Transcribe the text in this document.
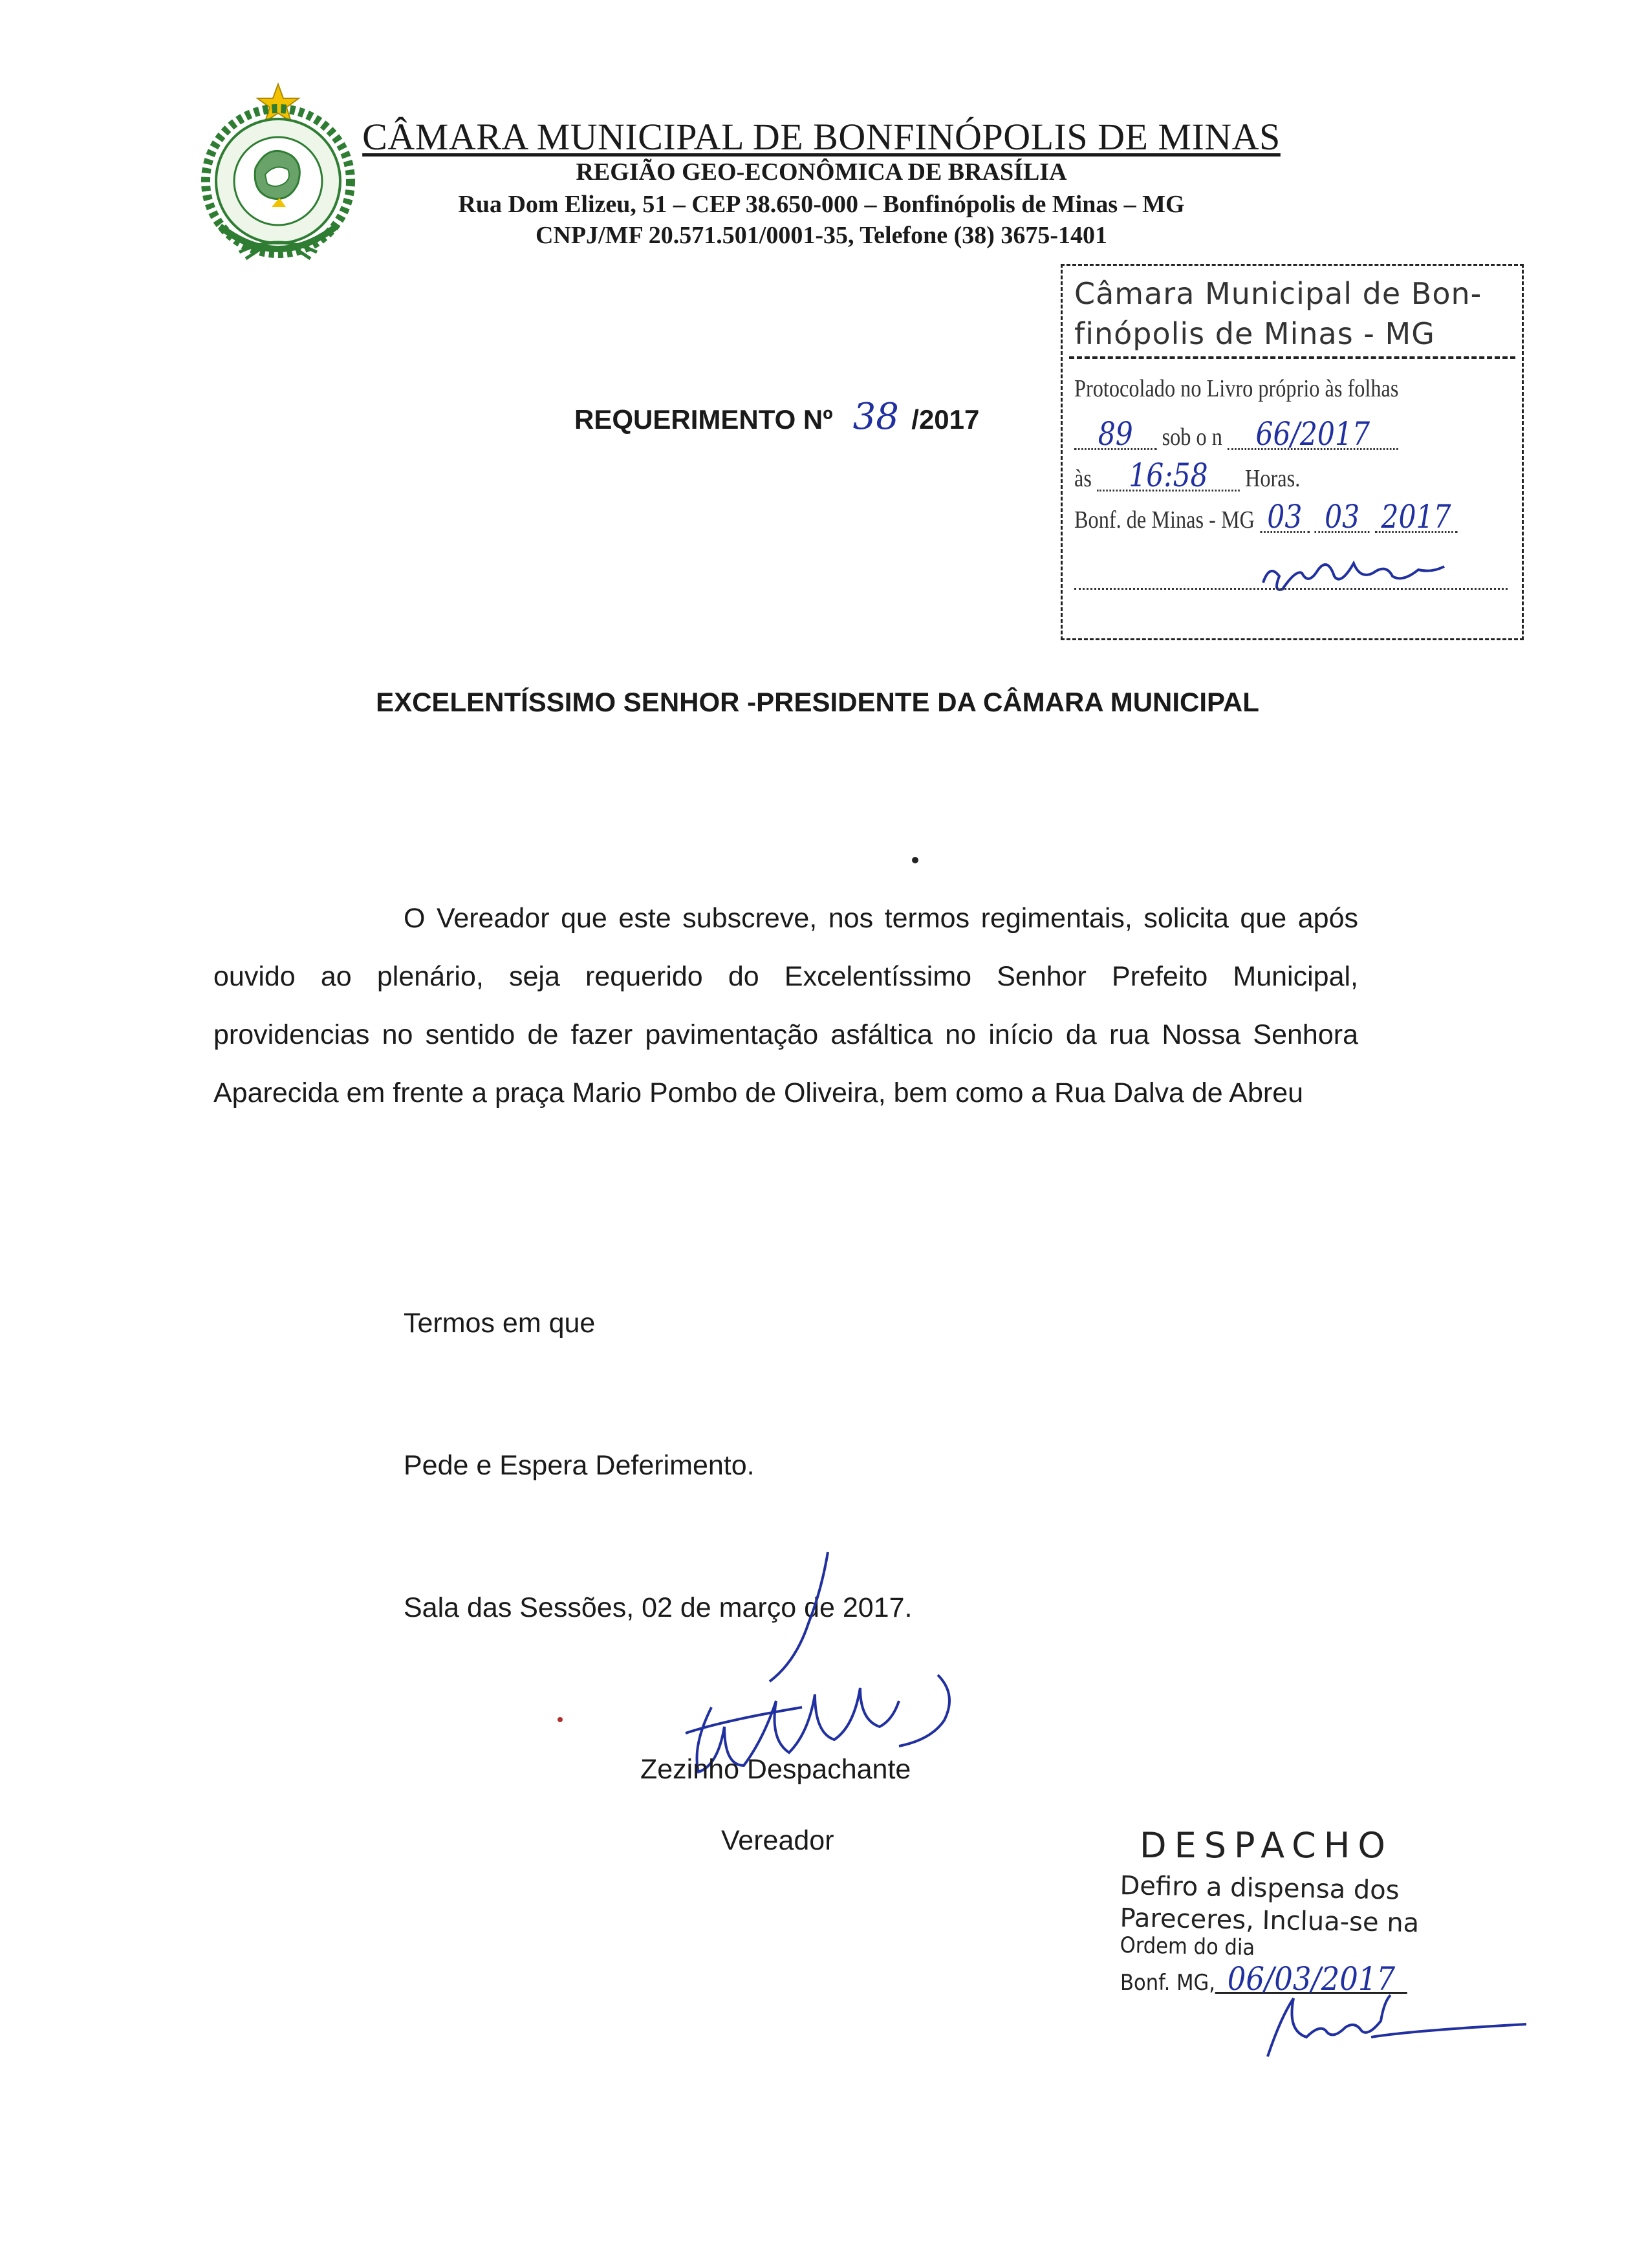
CÂMARA MUNICIPAL DE BONFINÓPOLIS DE MINAS
REGIÃO GEO-ECONÔMICA DE BRASÍLIA
Rua Dom Elizeu, 51 – CEP 38.650-000 – Bonfinópolis de Minas – MG
CNPJ/MF 20.571.501/0001-35, Telefone (38) 3675-1401
Câmara Municipal de Bon-finópolis de Minas - MG
Protocolado no Livro próprio às folhas
89 sob o n 66/2017
às 16:58 Horas.
Bonf. de Minas - MG 03 03 2017
REQUERIMENTO Nº 38 /2017
EXCELENTÍSSIMO SENHOR -PRESIDENTE DA CÂMARA MUNICIPAL
O Vereador que este subscreve, nos termos regimentais, solicita que após ouvido ao plenário, seja requerido do Excelentíssimo Senhor Prefeito Municipal, providencias no sentido de fazer pavimentação asfáltica no início da rua Nossa Senhora Aparecida em frente a praça Mario Pombo de Oliveira, bem como a Rua Dalva de Abreu
Termos em que
Pede e Espera Deferimento.
Sala das Sessões, 02 de março de 2017.
Zezinho Despachante
Vereador	DESPACHO
Defiro a dispensa dos
Pareceres, Inclua-se na
Ordem do dia
Bonf. MG, 06/03/2017
